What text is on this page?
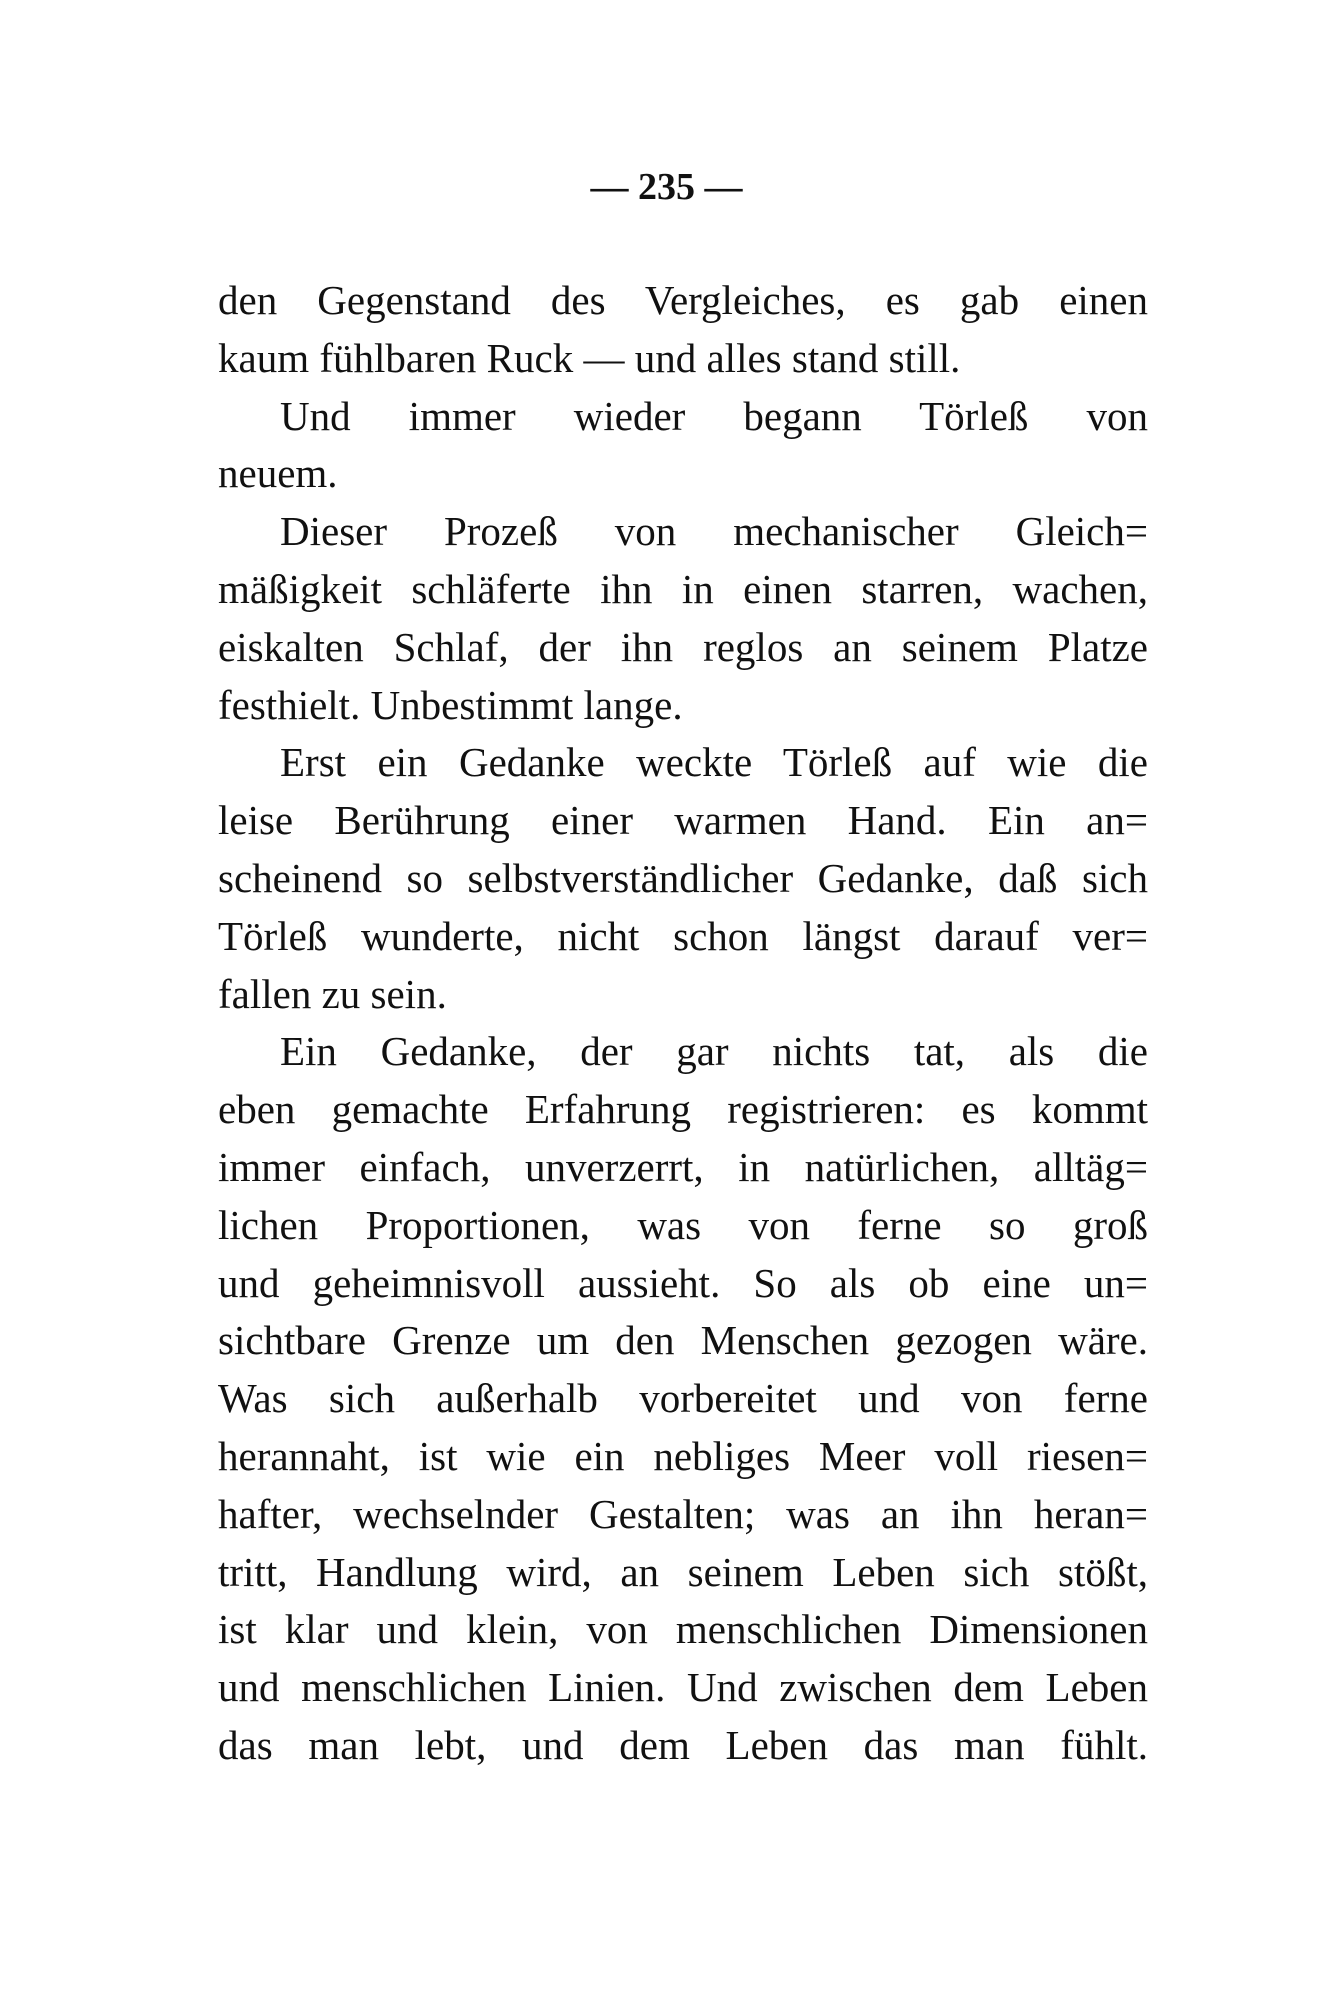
— 235 —
den Gegenstand des Vergleiches, es gab einen
kaum fühlbaren Ruck — und alles stand still.
Und immer wieder begann Törleß von
neuem.
Dieser Prozeß von mechanischer Gleich=
mäßigkeit schläferte ihn in einen starren, wachen,
eiskalten Schlaf, der ihn reglos an seinem Platze
festhielt. Unbestimmt lange.
Erst ein Gedanke weckte Törleß auf wie die
leise Berührung einer warmen Hand. Ein an=
scheinend so selbstverständlicher Gedanke, daß sich
Törleß wunderte, nicht schon längst darauf ver=
fallen zu sein.
Ein Gedanke, der gar nichts tat, als die
eben gemachte Erfahrung registrieren: es kommt
immer einfach, unverzerrt, in natürlichen, alltäg=
lichen Proportionen, was von ferne so groß
und geheimnisvoll aussieht. So als ob eine un=
sichtbare Grenze um den Menschen gezogen wäre.
Was sich außerhalb vorbereitet und von ferne
herannaht, ist wie ein nebliges Meer voll riesen=
hafter, wechselnder Gestalten; was an ihn heran=
tritt, Handlung wird, an seinem Leben sich stößt,
ist klar und klein, von menschlichen Dimensionen
und menschlichen Linien. Und zwischen dem Leben
das man lebt, und dem Leben das man fühlt.
